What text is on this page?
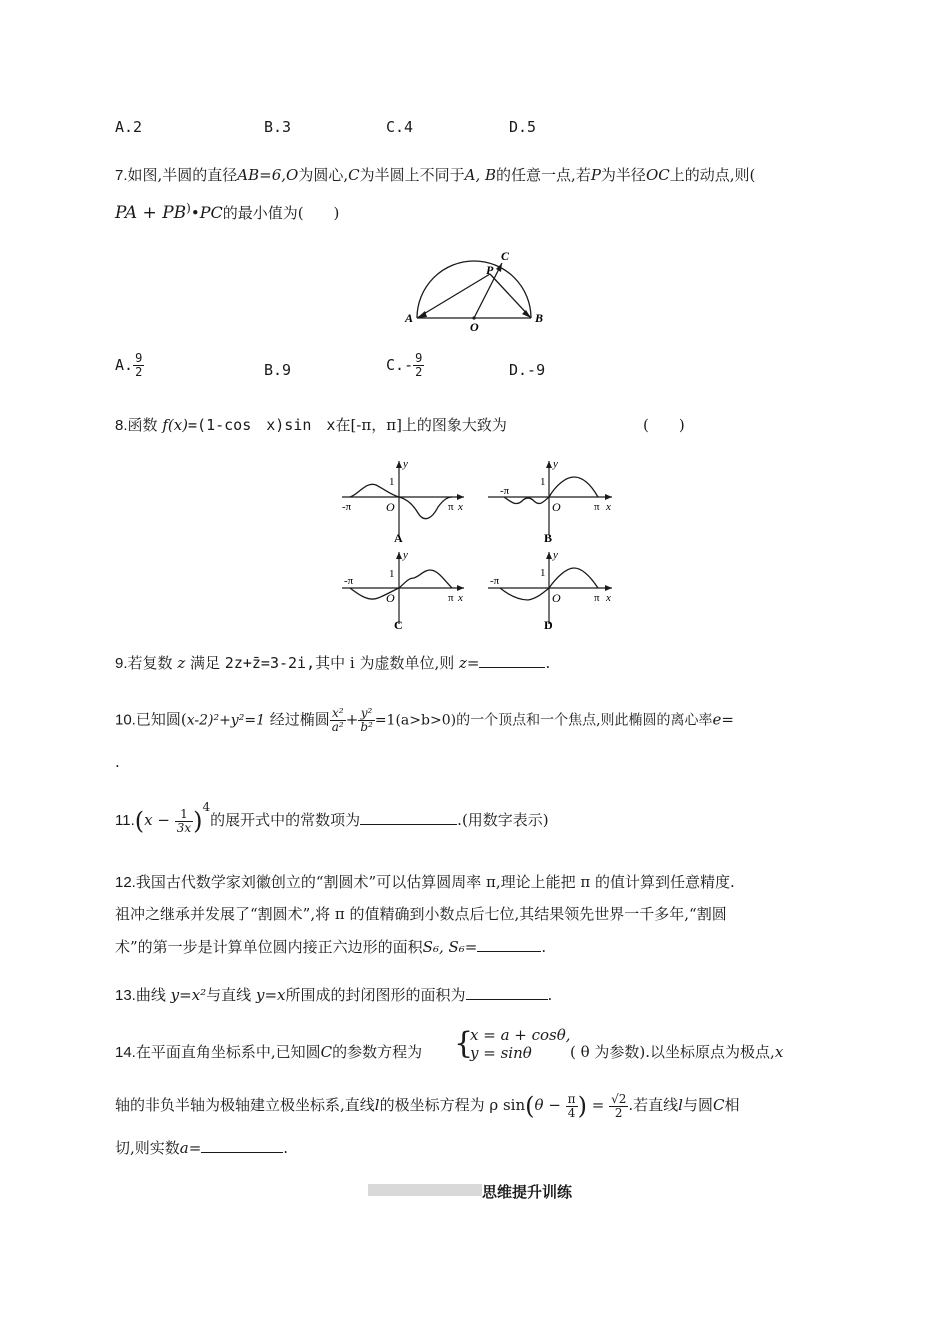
A.2	B.3	C.4	D.5
7.如图,半圆的直径AB=6,O为圆心,C为半圆上不同于A, B的任意一点,若P为半径OC上的动点,则(
PA + PB)•PC的最小值为(　　)
A	B
C
O
P
A. $\frac{9}{2}$	B.9	$C.- \frac{9}{2}$	D.-9
8.函数 f(x)=(1-cos　x)sin　x在[-π，π]上的图象大致为	(　　)
-π	π x
y
1
O
A
-π
π x
y
1
O
B
-π
π x
y
1
O
C
-π
π x
y
1
O
D
9.若复数 z 满足 2z+z̄=3-2i,其中 i 为虚数单位,则 z=	.
10.已知圆(x-2)²+y²=1 经过椭圆 $\frac{\text{x²}}{\text{a²}} + \frac{\text{y²}}{\text{b²}} =1(a>b>0)$的一个顶点和一个焦点,则此椭圆的离心率e=
.
$11.(x - \frac{1}{3x} )^4$的展开式中的常数项为	.(用数字表示)
12.我国古代数学家刘徽创立的“割圆术”可以估算圆周率 π,理论上能把 π 的值计算到任意精度.
祖冲之继承并发展了“割圆术”,将 π 的值精确到小数点后七位,其结果领先世界一千多年,“割圆
术”的第一步是计算单位圆内接正六边形的面积S₆, S₆=	.
13.曲线 y=x²与直线 y=x所围成的封闭图形的面积为	.
14.在平面直角坐标系中,已知圆C的参数方程为 {
x = a + cosθ,
y = sinθ	( θ 为参数).以坐标原点为极点,x
轴的非负半轴为极轴建立极坐标系,直线l的极坐标方程为 ρ $\sin(\theta - \frac{\pi}{4}$ ) = $\frac{√2}{2}$ .若直线l与圆C相
切,则实数a=	.
思维提升训练
